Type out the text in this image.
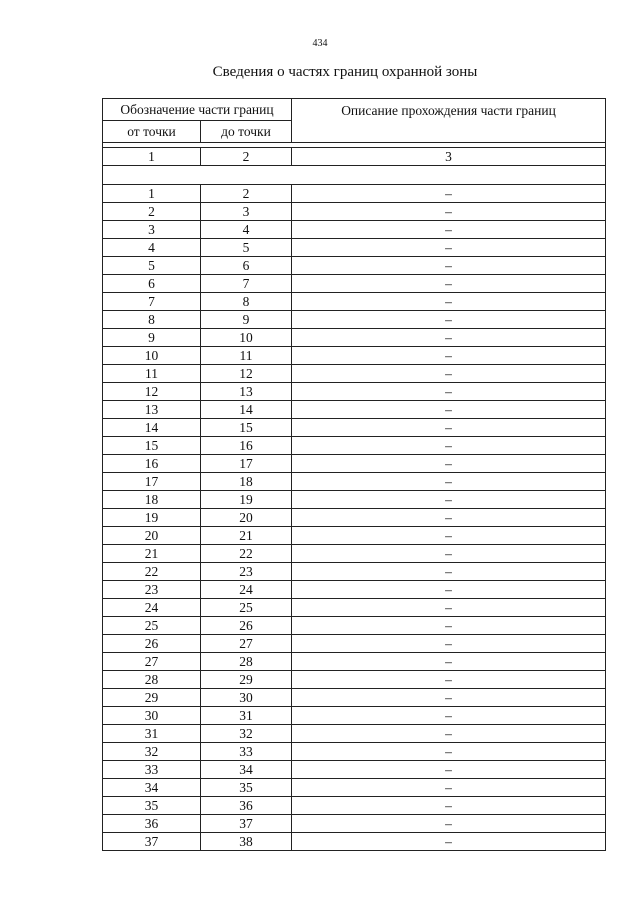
434
Сведения о частях границ охранной зоны
Обозначение части границ		Описание прохождения части границ
от точки	до точки	

1	2	3

1	2	–
2	3	–
3	4	–
4	5	–
5	6	–
6	7	–
7	8	–
8	9	–
9	10	–
10	11	–
11	12	–
12	13	–
13	14	–
14	15	–
15	16	–
16	17	–
17	18	–
18	19	–
19	20	–
20	21	–
21	22	–
22	23	–
23	24	–
24	25	–
25	26	–
26	27	–
27	28	–
28	29	–
29	30	–
30	31	–
31	32	–
32	33	–
33	34	–
34	35	–
35	36	–
36	37	–
37	38	–
